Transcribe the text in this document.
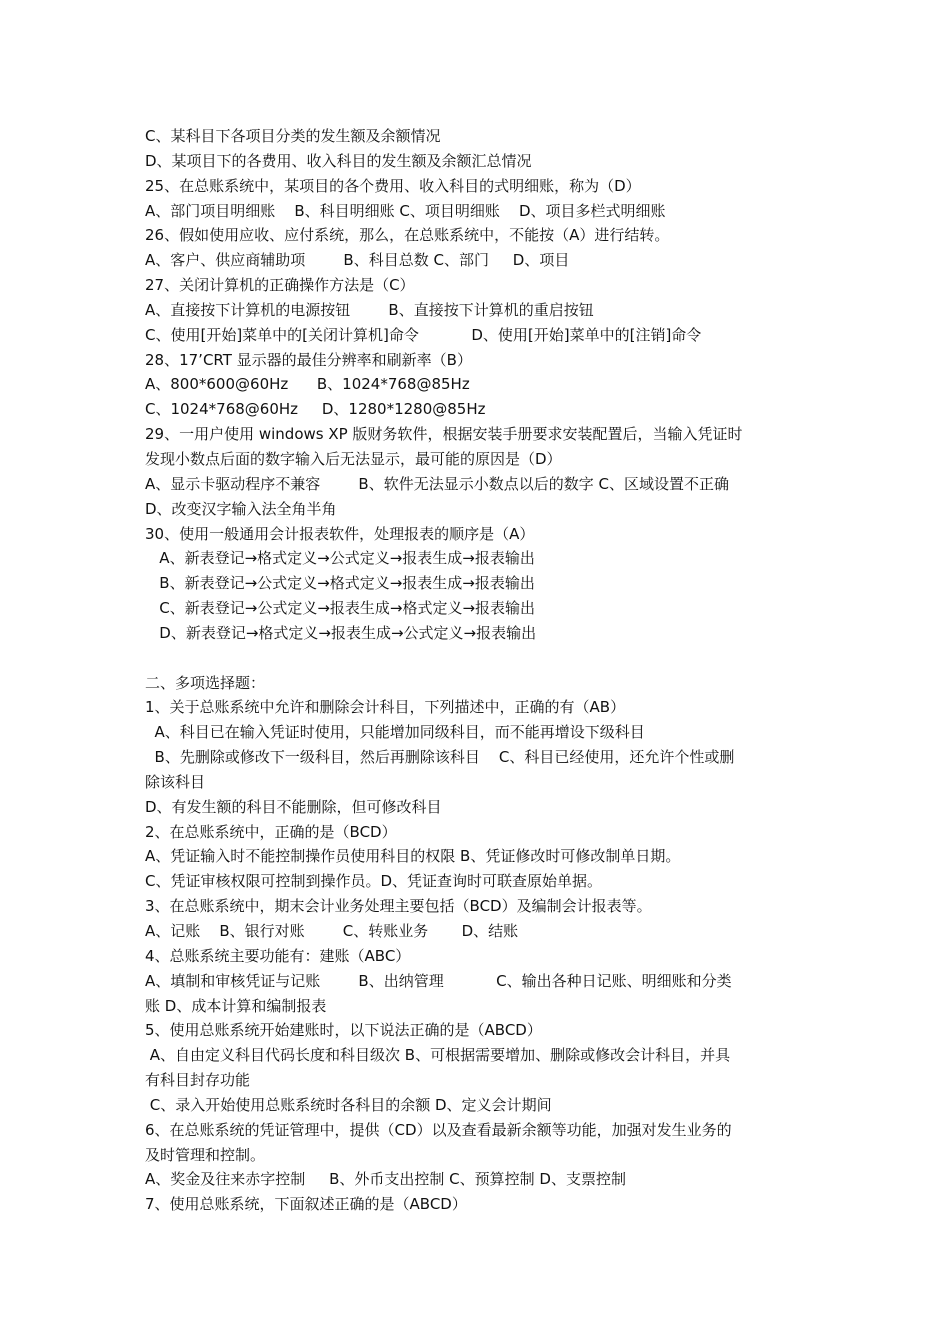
C、某科目下各项目分类的发生额及余额情况
D、某项目下的各费用、收入科目的发生额及余额汇总情况
25、在总账系统中，某项目的各个费用、收入科目的式明细账，称为（D）
A、部门项目明细账    B、科目明细账 C、项目明细账    D、项目多栏式明细账
26、假如使用应收、应付系统，那么，在总账系统中，不能按（A）进行结转。
A、客户、供应商辅助项        B、科目总数 C、部门     D、项目
27、关闭计算机的正确操作方法是（C）
A、直接按下计算机的电源按钮        B、直接按下计算机的重启按钮
C、使用[开始]菜单中的[关闭计算机]命令           D、使用[开始]菜单中的[注销]命令
28、17’CRT 显示器的最佳分辨率和刷新率（B）
A、800*600@60Hz      B、1024*768@85Hz
C、1024*768@60Hz     D、1280*1280@85Hz
29、一用户使用 windows XP 版财务软件，根据安装手册要求安装配置后，当输入凭证时
发现小数点后面的数字输入后无法显示，最可能的原因是（D）
A、显示卡驱动程序不兼容        B、软件无法显示小数点以后的数字 C、区域设置不正确
D、改变汉字输入法全角半角
30、使用一般通用会计报表软件，处理报表的顺序是（A）
A、新表登记→格式定义→公式定义→报表生成→报表输出
B、新表登记→公式定义→格式定义→报表生成→报表输出
C、新表登记→公式定义→报表生成→格式定义→报表输出
D、新表登记→格式定义→报表生成→公式定义→报表输出
二、多项选择题：
1、关于总账系统中允许和删除会计科目，下列描述中，正确的有（AB）
A、科目已在输入凭证时使用，只能增加同级科目，而不能再增设下级科目
B、先删除或修改下一级科目，然后再删除该科目    C、科目已经使用，还允许个性或删
除该科目
D、有发生额的科目不能删除，但可修改科目
2、在总账系统中，正确的是（BCD）
A、凭证输入时不能控制操作员使用科目的权限 B、凭证修改时可修改制单日期。
C、凭证审核权限可控制到操作员。D、凭证查询时可联查原始单据。
3、在总账系统中，期末会计业务处理主要包括（BCD）及编制会计报表等。
A、记账    B、银行对账        C、转账业务       D、结账
4、总账系统主要功能有：建账（ABC）
A、填制和审核凭证与记账        B、出纳管理           C、输出各种日记账、明细账和分类
账 D、成本计算和编制报表
5、使用总账系统开始建账时，以下说法正确的是（ABCD）
A、自由定义科目代码长度和科目级次 B、可根据需要增加、删除或修改会计科目，并具
有科目封存功能
C、录入开始使用总账系统时各科目的余额 D、定义会计期间
6、在总账系统的凭证管理中，提供（CD）以及查看最新余额等功能，加强对发生业务的
及时管理和控制。
A、奖金及往来赤字控制     B、外币支出控制 C、预算控制 D、支票控制
7、使用总账系统，下面叙述正确的是（ABCD）
